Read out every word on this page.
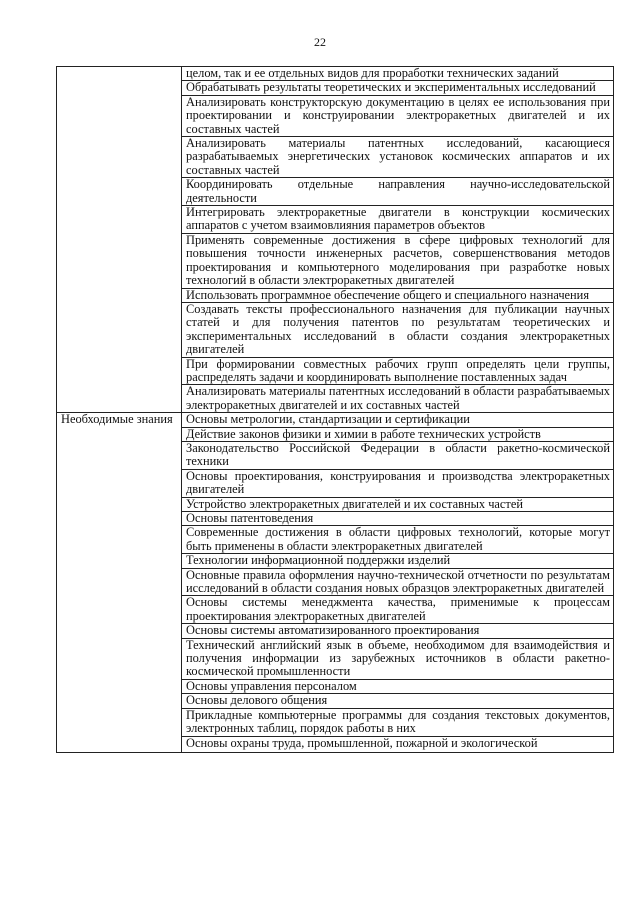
22
	целом, так и ее отдельных видов для проработки технических заданий
	Обрабатывать результаты теоретических и экспериментальных исследований
	Анализировать конструкторскую документацию в целях ее использования при проектировании и конструировании электроракетных двигателей и их составных частей
	Анализировать материалы патентных исследований, касающиеся разрабатываемых энергетических установок космических аппаратов и их составных частей
	Координировать отдельные направления научно-исследовательской деятельности
	Интегрировать электроракетные двигатели в конструкции космических аппаратов с учетом взаимовлияния параметров объектов
	Применять современные достижения в сфере цифровых технологий для повышения точности инженерных расчетов, совершенствования методов проектирования и компьютерного моделирования при разработке новых технологий в области электроракетных двигателей
	Использовать программное обеспечение общего и специального назначения
	Создавать тексты профессионального назначения для публикации научных статей и для получения патентов по результатам теоретических и экспериментальных исследований в области создания электроракетных двигателей
	При формировании совместных рабочих групп определять цели группы, распределять задачи и координировать выполнение поставленных задач
	Анализировать материалы патентных исследований в области разрабатываемых электроракетных двигателей и их составных частей
Необходимые знания	Основы метрологии, стандартизации и сертификации
	Действие законов физики и химии в работе технических устройств
	Законодательство Российской Федерации в области ракетно-космической техники
	Основы проектирования, конструирования и производства электроракетных двигателей
	Устройство электроракетных двигателей и их составных частей
	Основы патентоведения
	Современные достижения в области цифровых технологий, которые могут быть применены в области электроракетных двигателей
	Технологии информационной поддержки изделий
	Основные правила оформления научно-технической отчетности по результатам исследований в области создания новых образцов электроракетных двигателей
	Основы системы менеджмента качества, применимые к процессам проектирования электроракетных двигателей
	Основы системы автоматизированного проектирования
	Технический английский язык в объеме, необходимом для взаимодействия и получения информации из зарубежных источников в области ракетно-космической промышленности
	Основы управления персоналом
	Основы делового общения
	Прикладные компьютерные программы для создания текстовых документов, электронных таблиц, порядок работы в них
	Основы охраны труда, промышленной, пожарной и экологической
